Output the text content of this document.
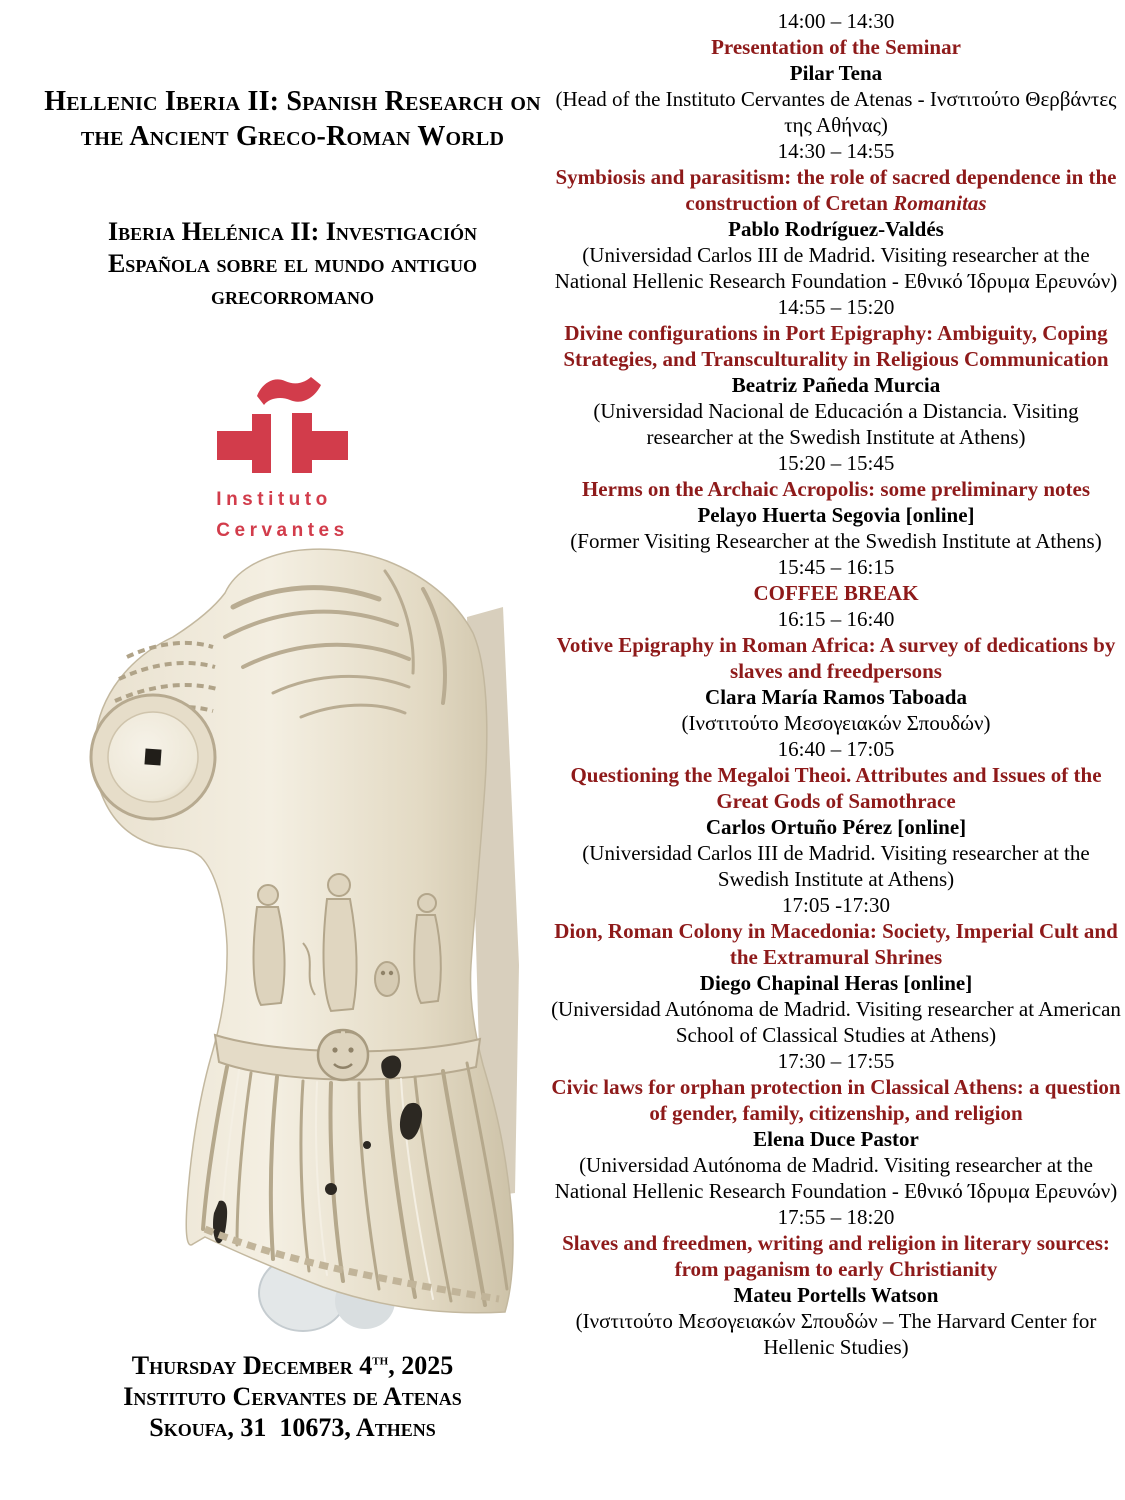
Hellenic Iberia II: Spanish Research on
the Ancient Greco-Roman World
Iberia Helénica II: Investigación
Española sobre el mundo antiguo
grecorromano
Instituto
Cervantes
Thursday December 4th, 2025
Instituto Cervantes de Atenas
Skoufa, 31  10673, Athens
14:00 – 14:30
Presentation of the Seminar
Pilar Tena
(Head of the Instituto Cervantes de Atenas - Ινστιτούτο Θερβάντες της Αθήνας)
14:30 – 14:55
Symbiosis and parasitism: the role of sacred dependence in the construction of Cretan Romanitas
Pablo Rodríguez-Valdés
(Universidad Carlos III de Madrid. Visiting researcher at the National Hellenic Research Foundation - Εθνικό Ίδρυμα Ερευνών)
14:55 – 15:20
Divine configurations in Port Epigraphy: Ambiguity, Coping Strategies, and Transculturality in Religious Communication
Beatriz Pañeda Murcia
(Universidad Nacional de Educación a Distancia. Visiting researcher at the Swedish Institute at Athens)
15:20 – 15:45
Herms on the Archaic Acropolis: some preliminary notes
Pelayo Huerta Segovia [online]
(Former Visiting Researcher at the Swedish Institute at Athens)
15:45 – 16:15
COFFEE BREAK
16:15 – 16:40
Votive Epigraphy in Roman Africa: A survey of dedications by slaves and freedpersons
Clara María Ramos Taboada
(Ινστιτούτο Μεσογειακών Σπουδών)
16:40 – 17:05
Questioning the Megaloi Theoi. Attributes and Issues of the Great Gods of Samothrace
Carlos Ortuño Pérez [online]
(Universidad Carlos III de Madrid. Visiting researcher at the Swedish Institute at Athens)
17:05 -17:30
Dion, Roman Colony in Macedonia: Society, Imperial Cult and the Extramural Shrines
Diego Chapinal Heras [online]
(Universidad Autónoma de Madrid. Visiting researcher at American School of Classical Studies at Athens)
17:30 – 17:55
Civic laws for orphan protection in Classical Athens: a question of gender, family, citizenship, and religion
Elena Duce Pastor
(Universidad Autónoma de Madrid. Visiting researcher at the National Hellenic Research Foundation - Εθνικό Ίδρυμα Ερευνών)
17:55 – 18:20
Slaves and freedmen, writing and religion in literary sources: from paganism to early Christianity
Mateu Portells Watson
(Ινστιτούτο Μεσογειακών Σπουδών – The Harvard Center for Hellenic Studies)
